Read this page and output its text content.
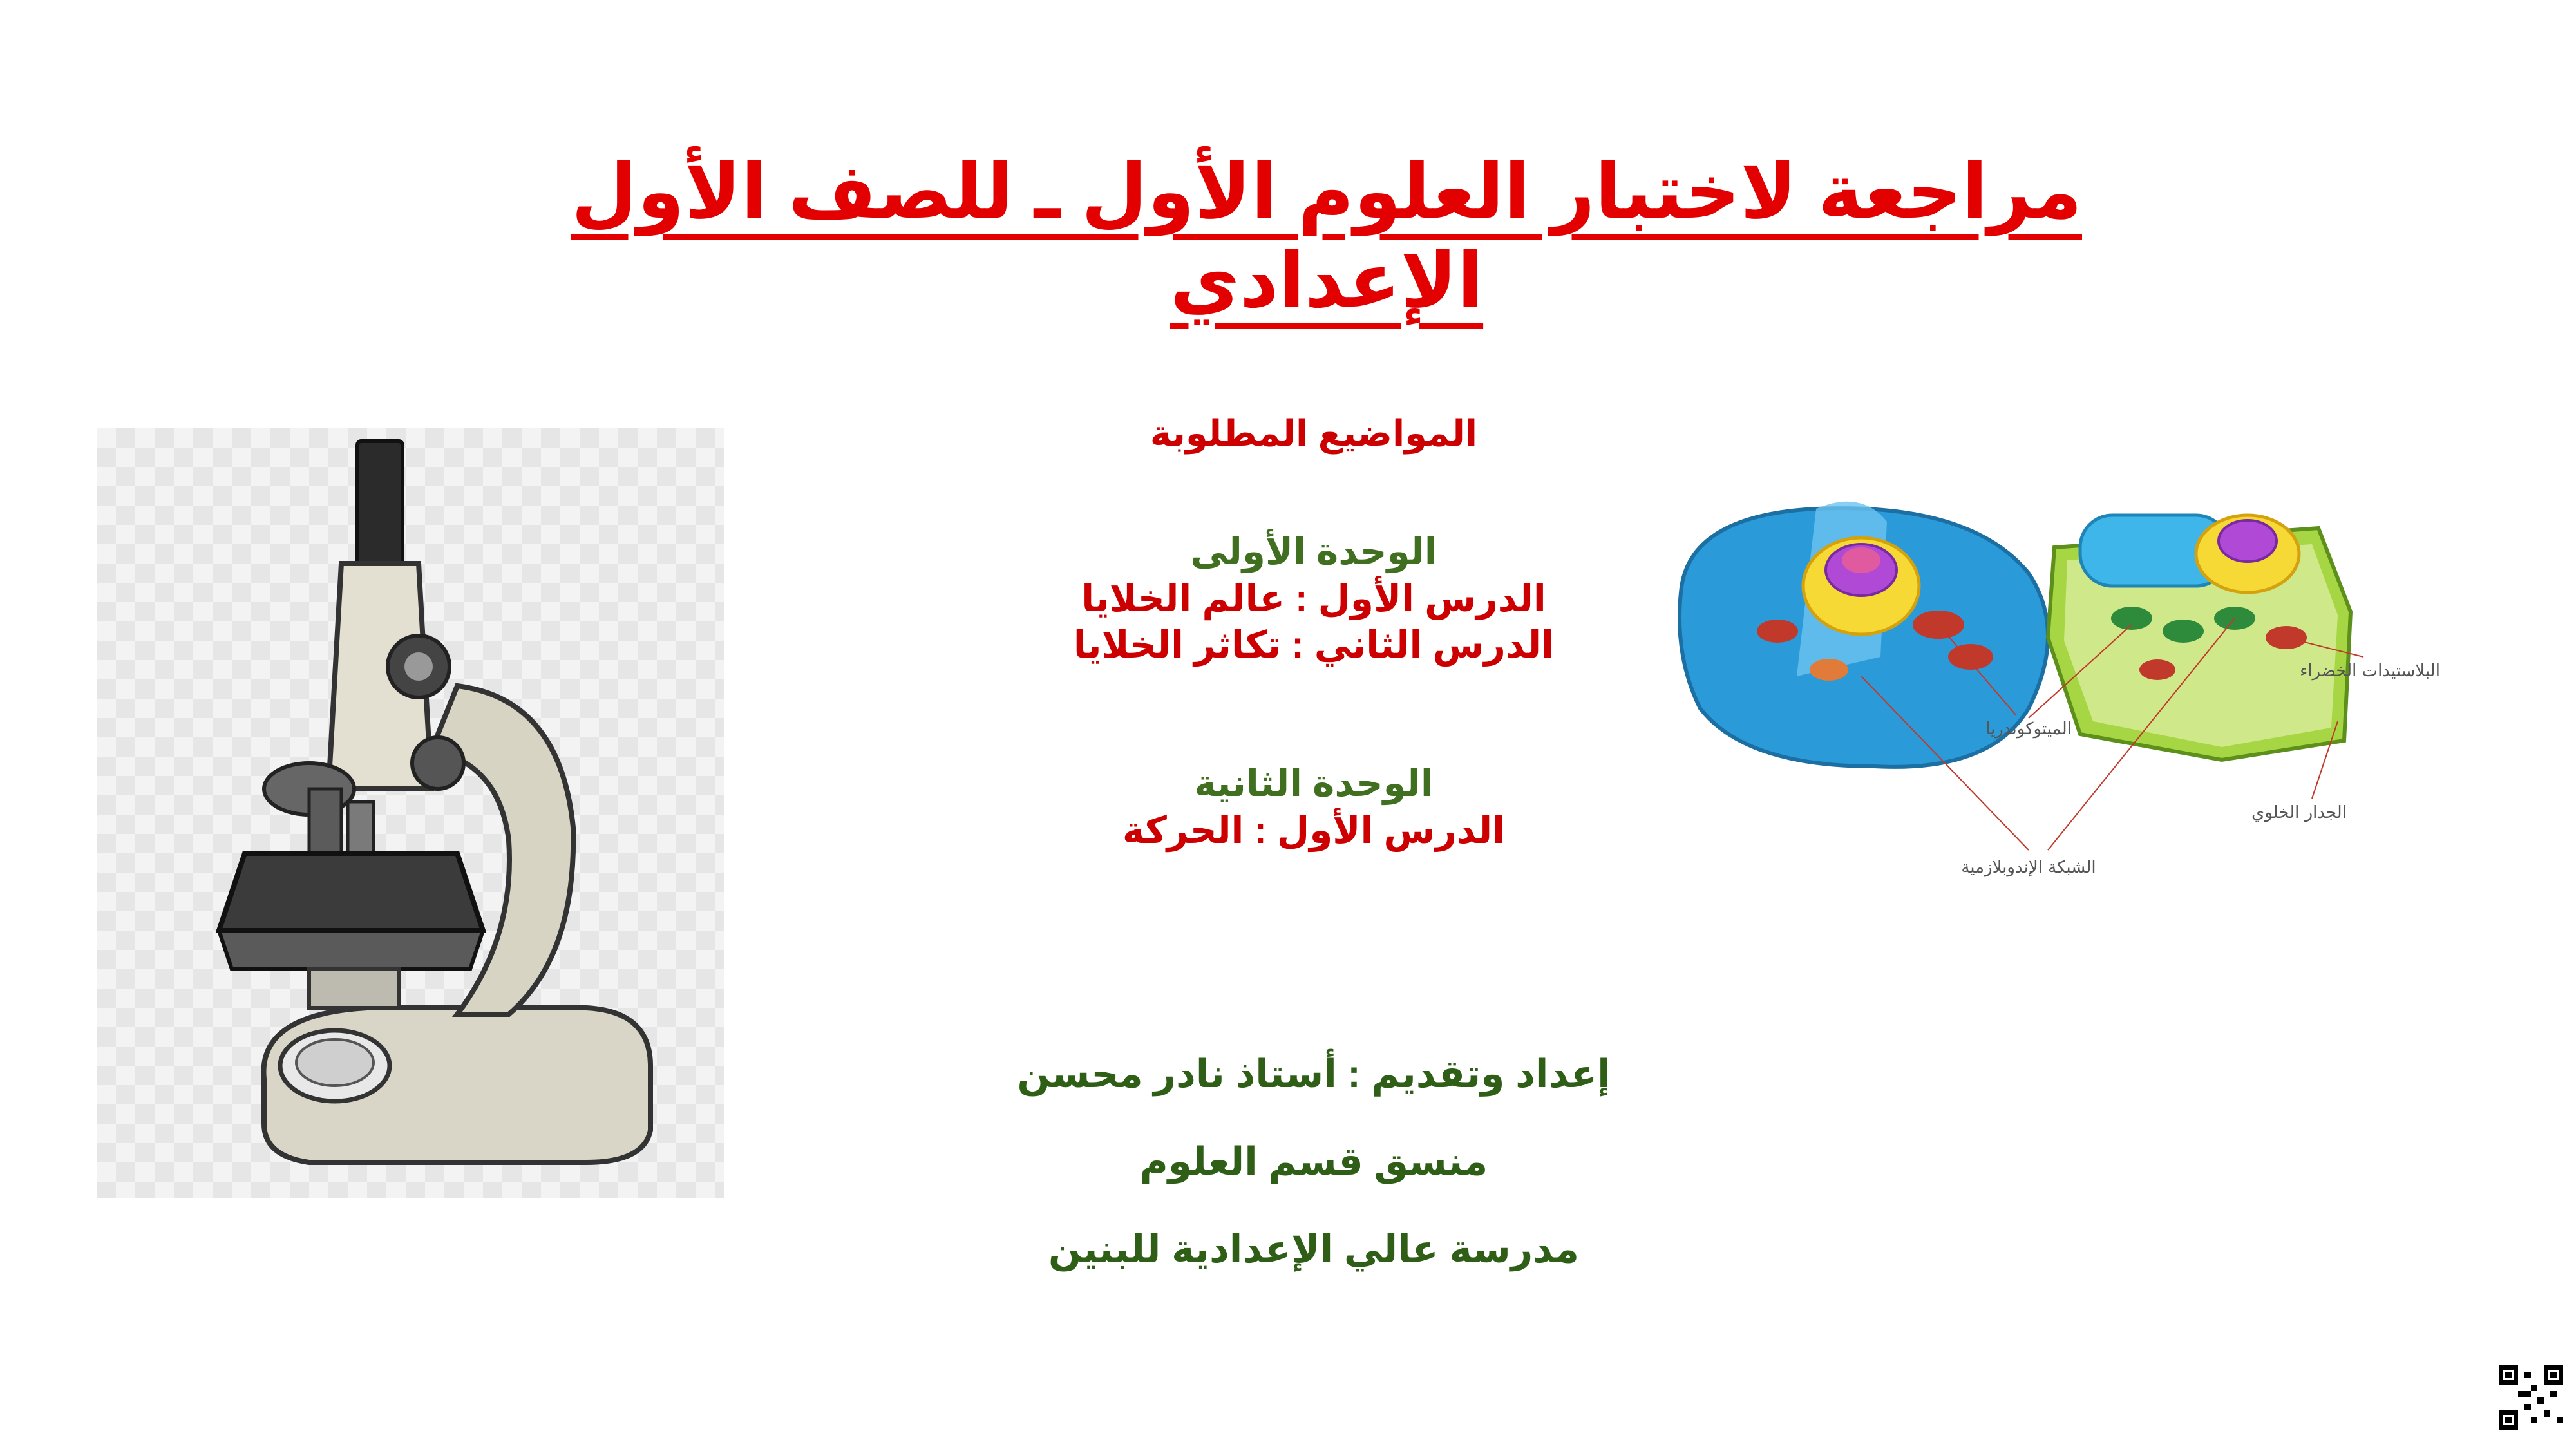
مراجعة لاختبار العلوم الأول ـ للصف الأول الإعدادي
المواضيع المطلوبة
الوحدة الأولى
الدرس الأول : عالم الخلايا
الدرس الثاني : تكاثر الخلايا
الوحدة الثانية
الدرس الأول : الحركة
إعداد وتقديم : أستاذ نادر محسن
منسق قسم العلوم
مدرسة عالي الإعدادية للبنين
الميتوكوندريا
الشبكة الإندوبلازمية
البلاستيدات الخضراء
الجدار الخلوي
